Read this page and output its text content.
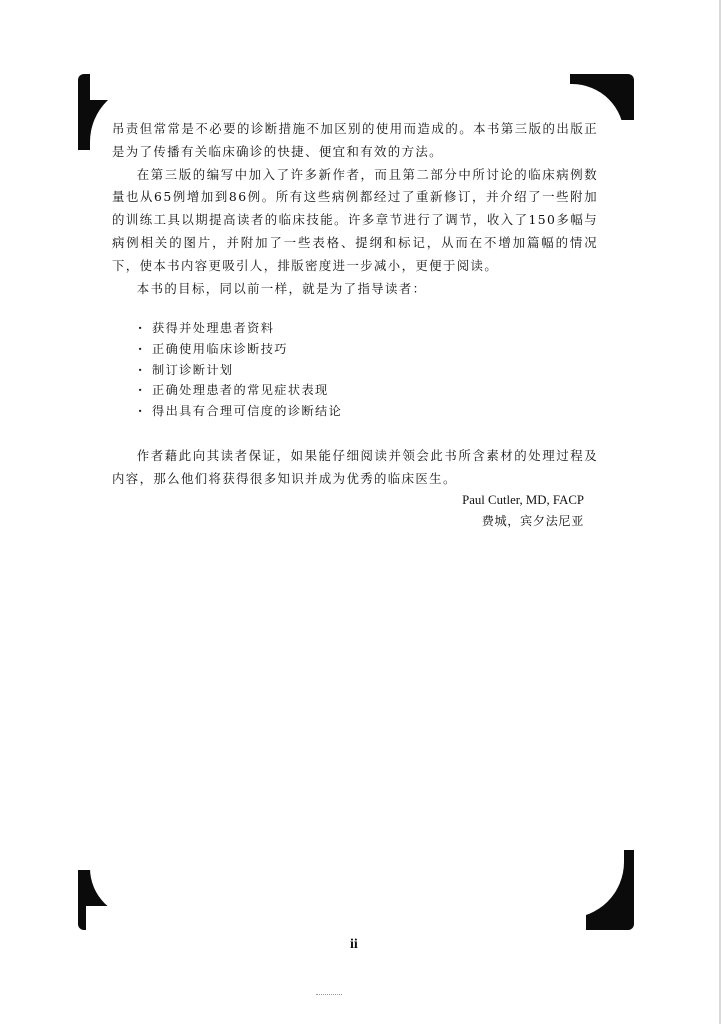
吊责但常常是不必要的诊断措施不加区别的使用而造成的。本书第三版的出版正是为了传播有关临床确诊的快捷、便宜和有效的方法。

在第三版的编写中加入了许多新作者，而且第二部分中所讨论的临床病例数量也从65例增加到86例。所有这些病例都经过了重新修订，并介绍了一些附加的训练工具以期提高读者的临床技能。许多章节进行了调节，收入了150多幅与病例相关的图片，并附加了一些表格、提纲和标记，从而在不增加篇幅的情况下，使本书内容更吸引人，排版密度进一步减小，更便于阅读。

本书的目标，同以前一样，就是为了指导读者：

· 获得并处理患者资料
· 正确使用临床诊断技巧
· 制订诊断计划
· 正确处理患者的常见症状表现
· 得出具有合理可信度的诊断结论

作者藉此向其读者保证，如果能仔细阅读并领会此书所含素材的处理过程及内容，那么他们将获得很多知识并成为优秀的临床医生。

Paul Cutler, MD, FACP
费城，宾夕法尼亚
ii
